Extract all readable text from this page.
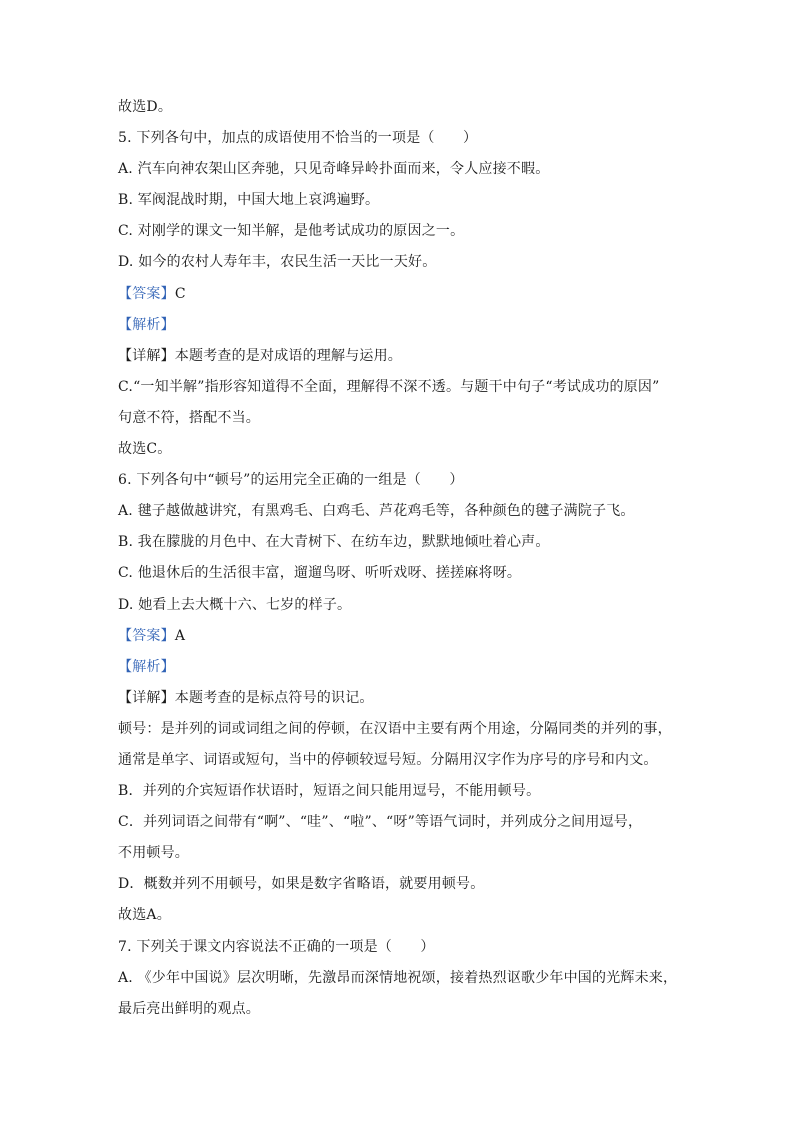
故选D。
5. 下列各句中，加点的成语使用不恰当的一项是（　　）
A. 汽车向神农架山区奔驰，只见奇峰异岭扑面而来，令人应接不暇。
B. 军阀混战时期，中国大地上哀鸿遍野。
C. 对刚学的课文一知半解，是他考试成功的原因之一。
D. 如今的农村人寿年丰，农民生活一天比一天好。
【答案】C
【解析】
【详解】本题考查的是对成语的理解与运用。
C.“一知半解”指形容知道得不全面，理解得不深不透。与题干中句子“考试成功的原因”
句意不符，搭配不当。
故选C。
6. 下列各句中“顿号”的运用完全正确的一组是（　　）
A. 毽子越做越讲究，有黑鸡毛、白鸡毛、芦花鸡毛等，各种颜色的毽子满院子飞。
B. 我在朦胧的月色中、在大青树下、在纺车边，默默地倾吐着心声。
C. 他退休后的生活很丰富，遛遛鸟呀、听听戏呀、搓搓麻将呀。
D. 她看上去大概十六、七岁的样子。
【答案】A
【解析】
【详解】本题考查的是标点符号的识记。
顿号：是并列的词或词组之间的停顿，在汉语中主要有两个用途，分隔同类的并列的事，
通常是单字、词语或短句，当中的停顿较逗号短。分隔用汉字作为序号的序号和内文。
B．并列的介宾短语作状语时，短语之间只能用逗号，不能用顿号。
C．并列词语之间带有“啊”、“哇”、“啦”、“呀”等语气词时，并列成分之间用逗号，
不用顿号。
D．概数并列不用顿号，如果是数字省略语，就要用顿号。
故选A。
7. 下列关于课文内容说法不正确的一项是（　　）
A. 《少年中国说》层次明晰，先激昂而深情地祝颂，接着热烈讴歌少年中国的光辉未来，
最后亮出鲜明的观点。
